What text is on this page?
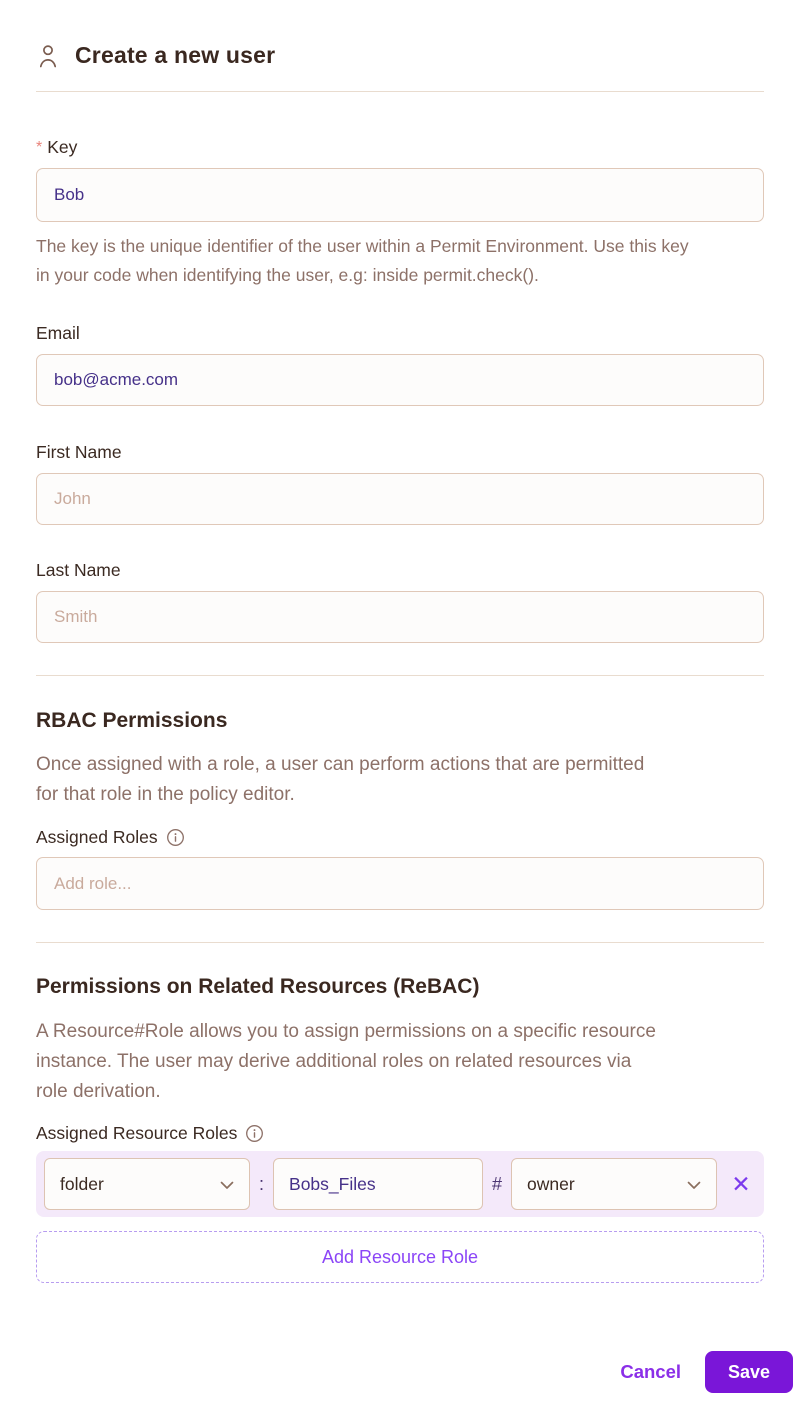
Create a new user
* Key
Bob

The key is the unique identifier of the user within a Permit Environment. Use this key in your code when identifying the user, e.g: inside permit.check().

Email
bob@acme.com
First Name
John
Last Name
Smith
RBAC Permissions

Once assigned with a role, a user can perform actions that are permitted for that role in the policy editor.

Assigned Roles
Add role...
Permissions on Related Resources (ReBAC)

A Resource#Role allows you to assign permissions on a specific resource instance. The user may derive additional roles on related resources via role derivation.

Assigned Resource Roles
folder	:
Bobs_Files	# owner	✕
Add Resource Role
Cancel	Save
